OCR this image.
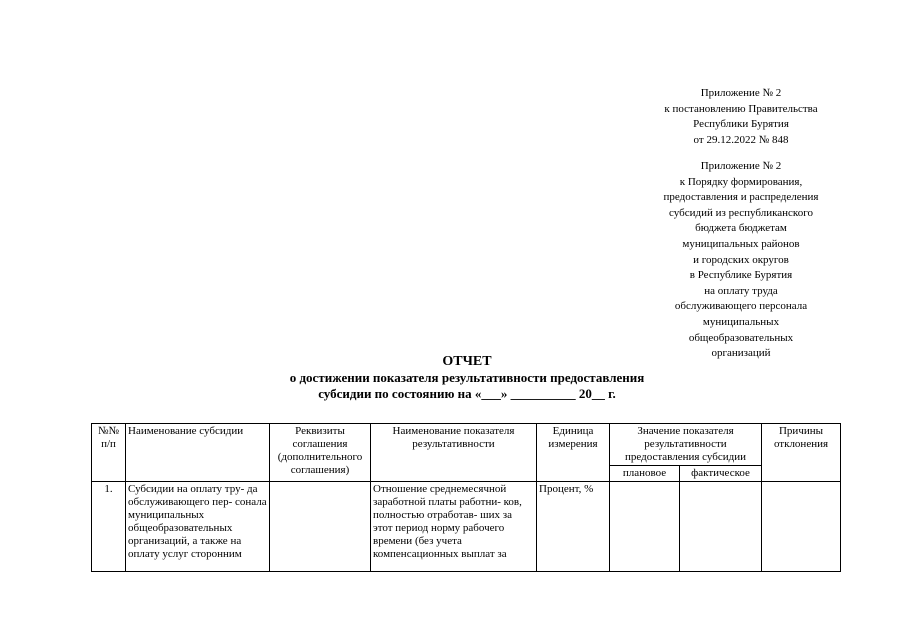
Приложение № 2
к постановлению Правительства
Республики Бурятия
от 29.12.2022 № 848
Приложение № 2
к Порядку формирования,
предоставления и распределения
субсидий из республиканского
бюджета бюджетам
муниципальных районов
и городских округов
в Республике Бурятия
на оплату труда
обслуживающего персонала
муниципальных
общеобразовательных
организаций
ОТЧЕТ
о достижении показателя результативности предоставления
субсидии по состоянию на «___» __________ 20__ г.
№№ п/п	Наименование субсидии	Реквизиты соглашения (дополнительного соглашения)	Наименование показателя результативности	Единица измерения	Значение показателя результативности предоставления субсидии		Причины отклонения
					плановое	фактическое	
1.	Субсидии на оплату тру- да обслуживающего пер- сонала муниципальных общеобразовательных организаций, а также на оплату услуг сторонним		Отношение среднемесячной заработной платы работни- ков, полностью отработав- ших за этот период норму рабочего времени (без учета компенсационных выплат за	Процент, %			
